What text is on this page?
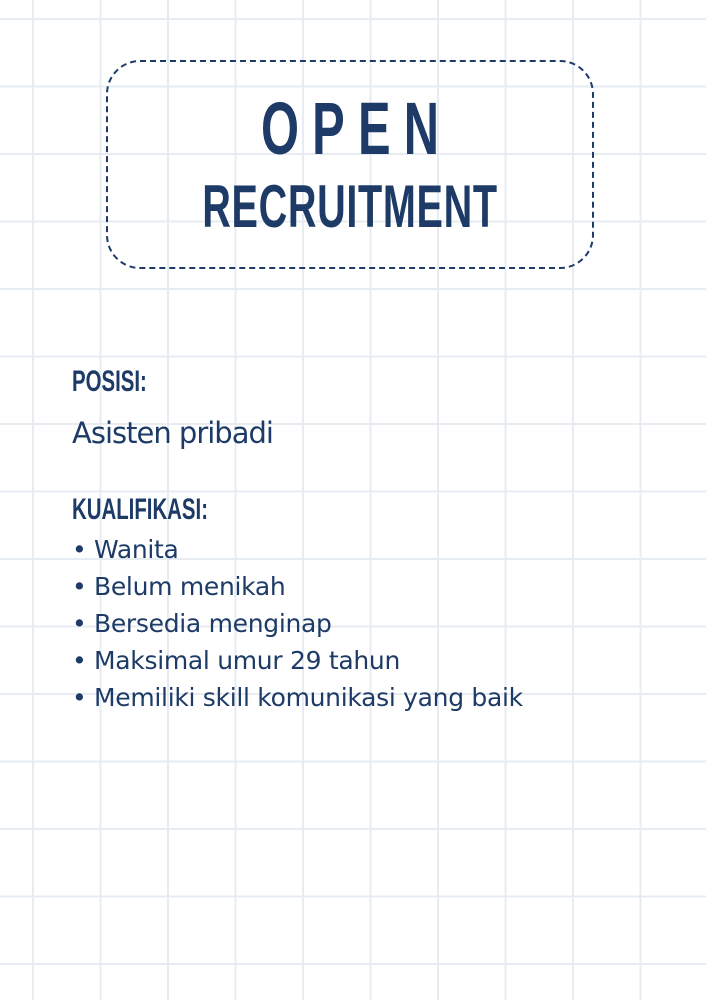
OPEN
RECRUITMENT
POSISI:
Asisten pribadi
KUALIFIKASI:
• Wanita
• Belum menikah
• Bersedia menginap
• Maksimal umur 29 tahun
• Memiliki skill komunikasi yang baik
